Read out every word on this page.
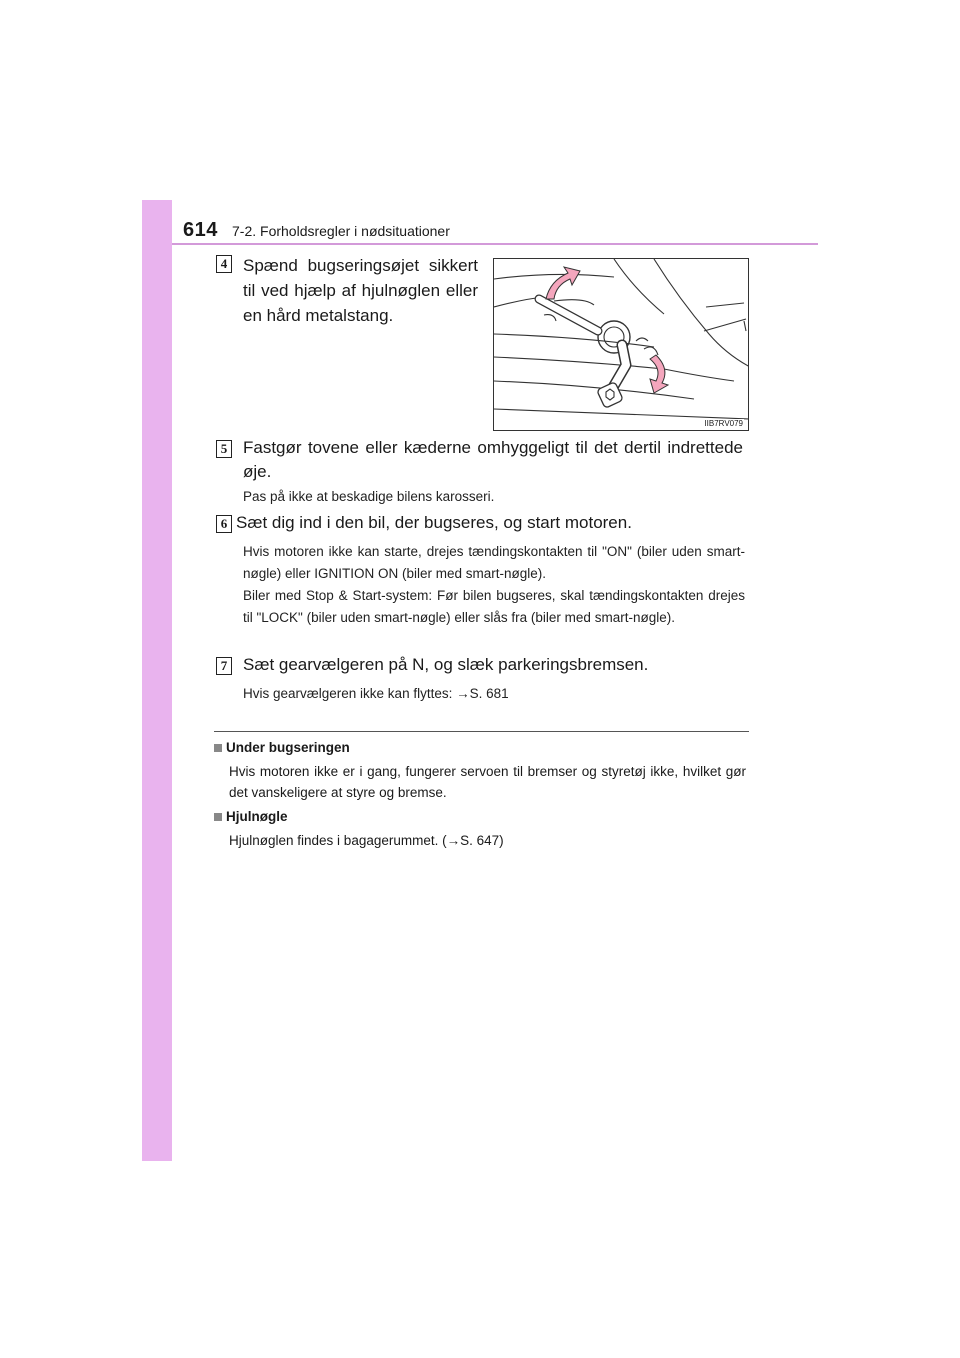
614 7-2. Forholdsregler i nødsituationer
4 Spænd bugseringsøjet sikkert til ved hjælp af hjulnøglen eller en hård metalstang.
IIB7RV079
5 Fastgør tovene eller kæderne omhyggeligt til det dertil indrettede øje.
Pas på ikke at beskadige bilens karosseri.
6 Sæt dig ind i den bil, der bugseres, og start motoren.
Hvis motoren ikke kan starte, drejes tændingskontakten til "ON" (biler uden smart-nøgle) eller IGNITION ON (biler med smart-nøgle).
Biler med Stop & Start-system: Før bilen bugseres, skal tændingskontakten drejes til "LOCK" (biler uden smart-nøgle) eller slås fra (biler med smart-nøgle).
7 Sæt gearvælgeren på N, og slæk parkeringsbremsen.
Hvis gearvælgeren ikke kan flyttes: →S. 681
Under bugseringen
Hvis motoren ikke er i gang, fungerer servoen til bremser og styretøj ikke, hvilket gør det vanskeligere at styre og bremse.
Hjulnøgle
Hjulnøglen findes i bagagerummet. (→S. 647)
